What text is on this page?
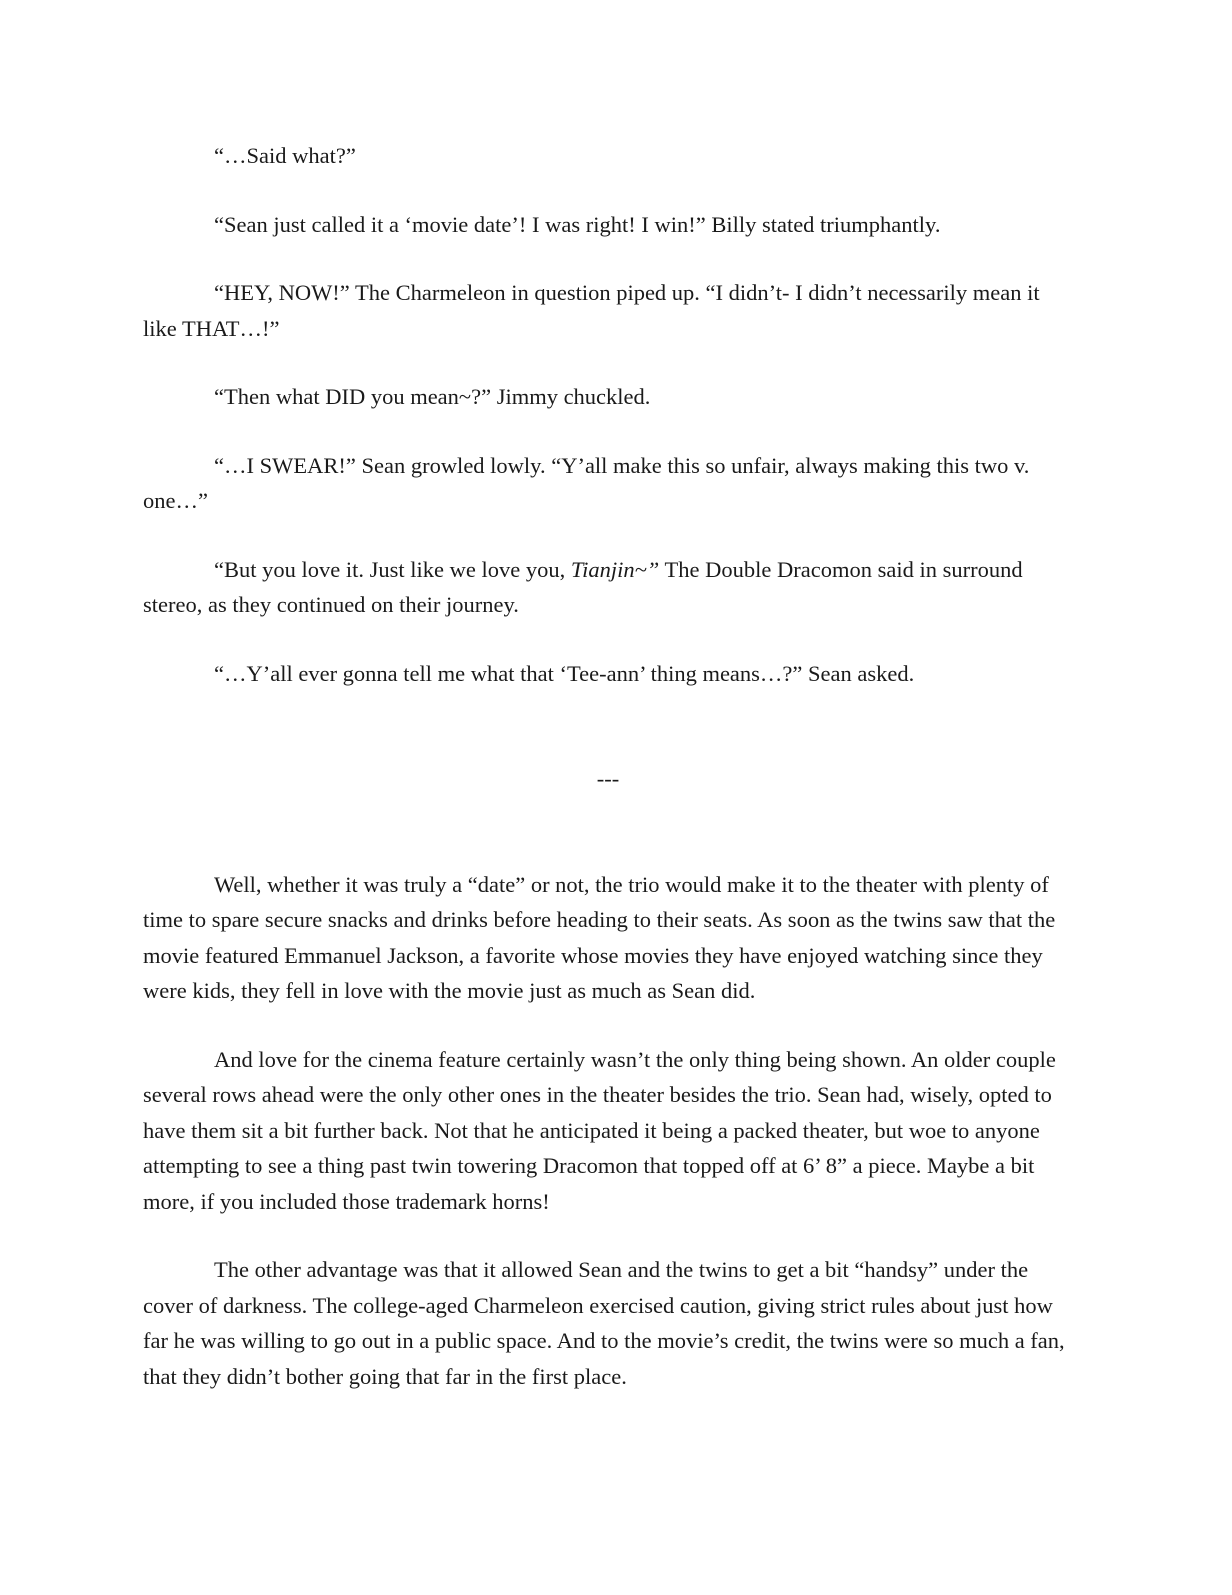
“…Said what?”

“Sean just called it a ‘movie date’! I was right! I win!” Billy stated triumphantly.

“HEY, NOW!” The Charmeleon in question piped up. “I didn’t- I didn’t necessarily mean it like THAT…!”

“Then what DID you mean~?” Jimmy chuckled.

“…I SWEAR!” Sean growled lowly. “Y’all make this so unfair, always making this two v. one…”

“But you love it. Just like we love you, Tianjin~” The Double Dracomon said in surround stereo, as they continued on their journey.

“…Y’all ever gonna tell me what that ‘Tee-ann’ thing means…?” Sean asked.

---

Well, whether it was truly a “date” or not, the trio would make it to the theater with plenty of time to spare secure snacks and drinks before heading to their seats. As soon as the twins saw that the movie featured Emmanuel Jackson, a favorite whose movies they have enjoyed watching since they were kids, they fell in love with the movie just as much as Sean did.

And love for the cinema feature certainly wasn’t the only thing being shown. An older couple several rows ahead were the only other ones in the theater besides the trio. Sean had, wisely, opted to have them sit a bit further back. Not that he anticipated it being a packed theater, but woe to anyone attempting to see a thing past twin towering Dracomon that topped off at 6’ 8” a piece. Maybe a bit more, if you included those trademark horns!

The other advantage was that it allowed Sean and the twins to get a bit “handsy” under the cover of darkness. The college-aged Charmeleon exercised caution, giving strict rules about just how far he was willing to go out in a public space. And to the movie’s credit, the twins were so much a fan, that they didn’t bother going that far in the first place.
